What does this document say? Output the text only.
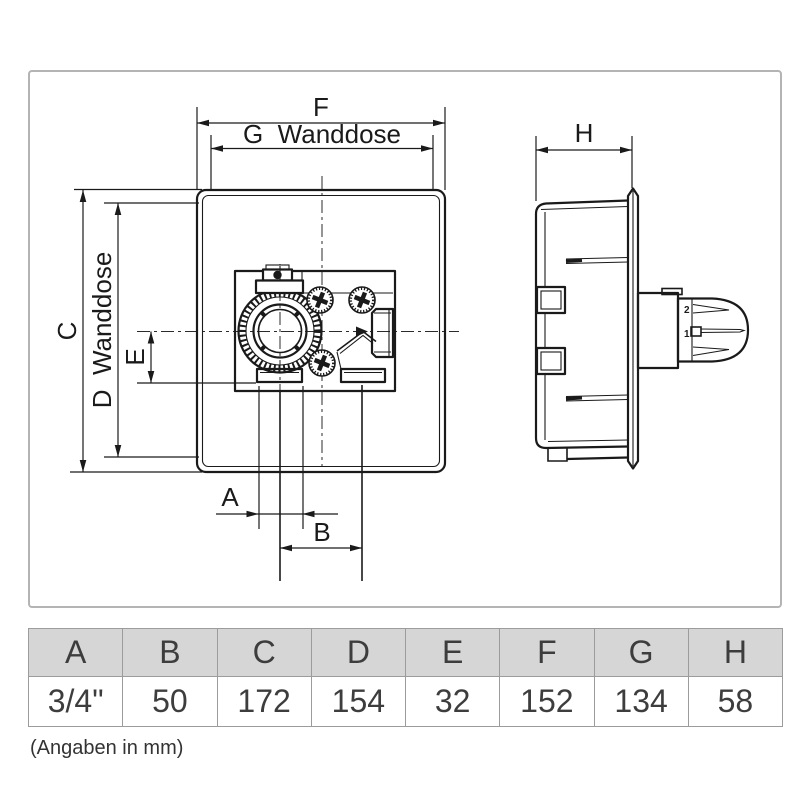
2
1
F
G  Wanddose	H
C D  Wanddose E
A
B
A	B	C	D	E	F	G	H
3/4"	50	172	154	32	152	134	58
(Angaben in mm)
